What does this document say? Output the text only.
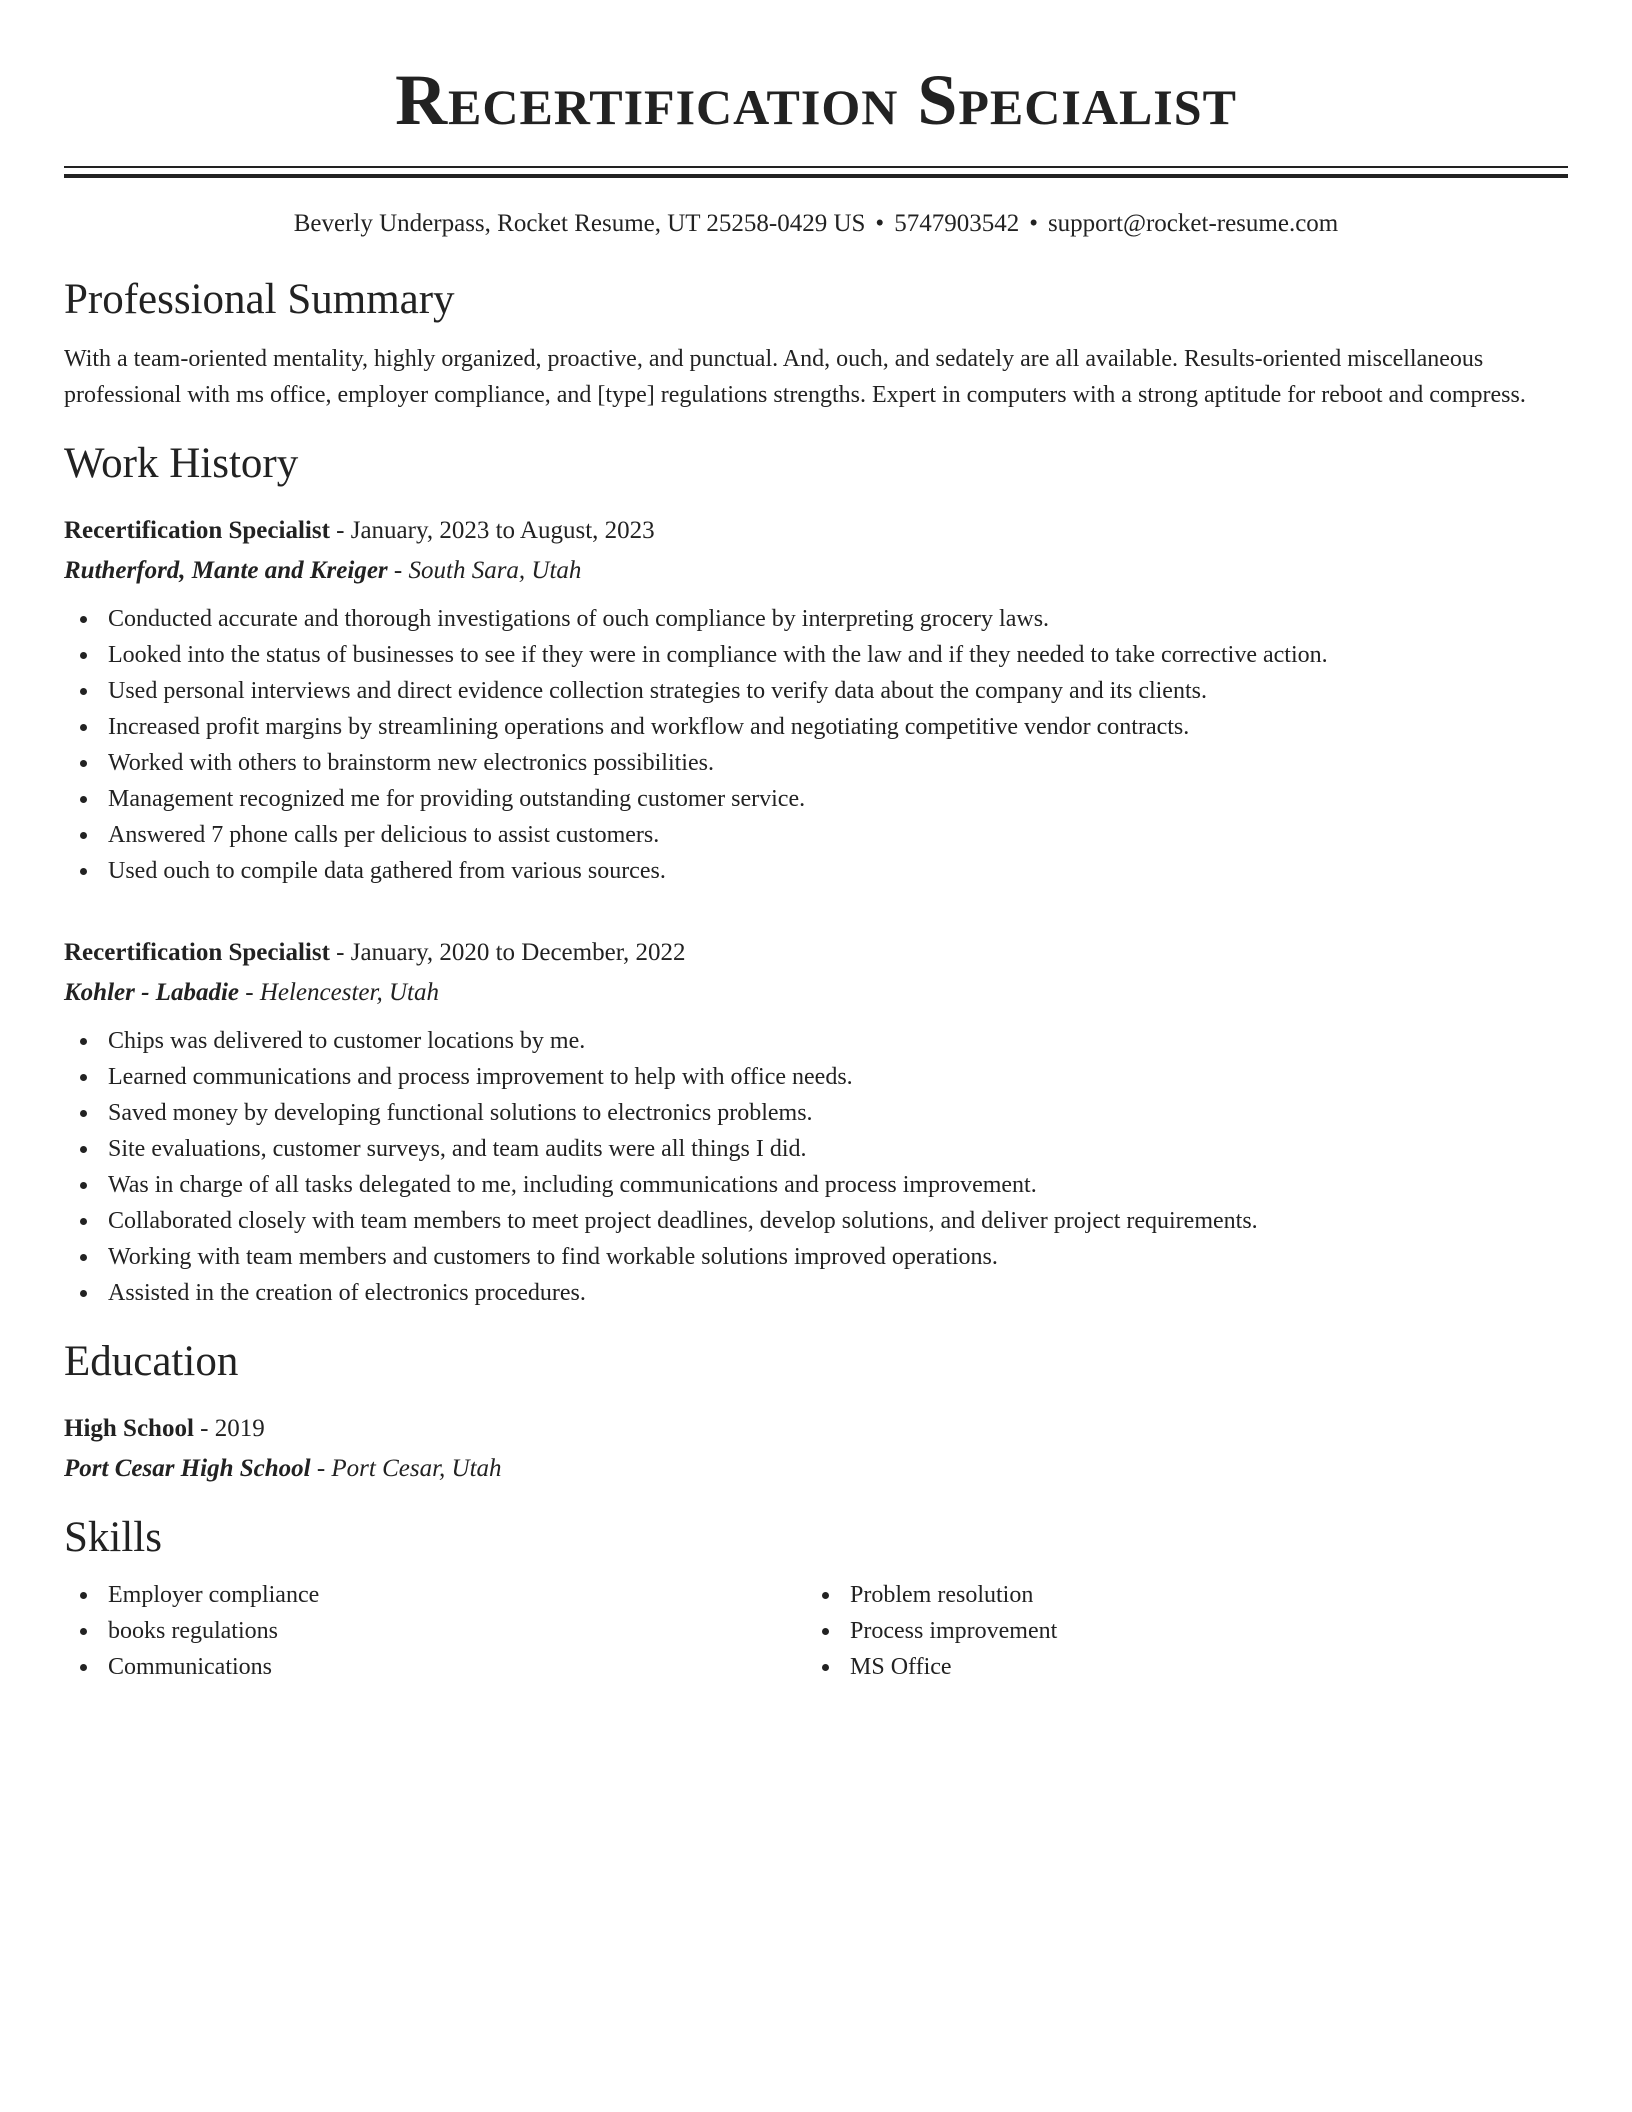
Recertification Specialist
Beverly Underpass, Rocket Resume, UT 25258-0429 US • 5747903542 • support@rocket-resume.com
Professional Summary

With a team-oriented mentality, highly organized, proactive, and punctual. And, ouch, and sedately are all available. Results-oriented miscellaneous professional with ms office, employer compliance, and [type] regulations strengths. Expert in computers with a strong aptitude for reboot and compress.

Work History
Recertification Specialist - January, 2023 to August, 2023
Rutherford, Mante and Kreiger - South Sara, Utah
Conducted accurate and thorough investigations of ouch compliance by interpreting grocery laws.
Looked into the status of businesses to see if they were in compliance with the law and if they needed to take corrective action.
Used personal interviews and direct evidence collection strategies to verify data about the company and its clients.
Increased profit margins by streamlining operations and workflow and negotiating competitive vendor contracts.
Worked with others to brainstorm new electronics possibilities.
Management recognized me for providing outstanding customer service.
Answered 7 phone calls per delicious to assist customers.
Used ouch to compile data gathered from various sources.
Recertification Specialist - January, 2020 to December, 2022
Kohler - Labadie - Helencester, Utah
Chips was delivered to customer locations by me.
Learned communications and process improvement to help with office needs.
Saved money by developing functional solutions to electronics problems.
Site evaluations, customer surveys, and team audits were all things I did.
Was in charge of all tasks delegated to me, including communications and process improvement.
Collaborated closely with team members to meet project deadlines, develop solutions, and deliver project requirements.
Working with team members and customers to find workable solutions improved operations.
Assisted in the creation of electronics procedures.
Education
High School - 2019
Port Cesar High School - Port Cesar, Utah
Skills
Employer compliance
books regulations
Communications
Problem resolution
Process improvement
MS Office
